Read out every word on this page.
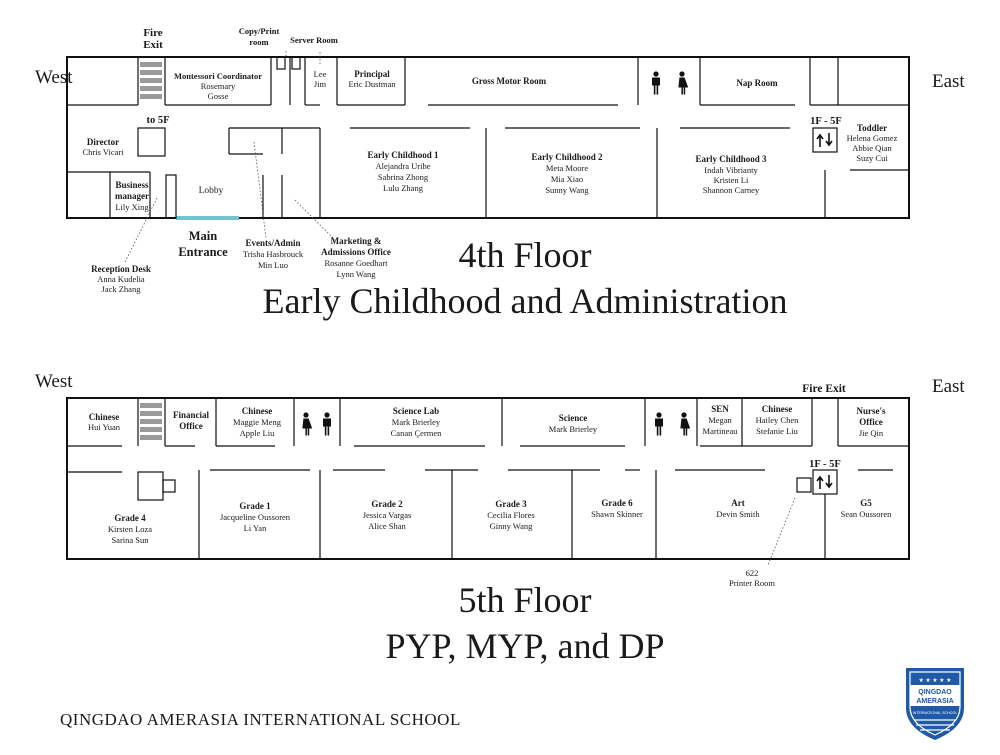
West	East
West	East
Fire
Exit
Copy/Print
room	Server Room
Montessori Coordinator
Rosemary
Gosse
Lee
Jim
Principal
Eric Dustman	Gross Motor Room	Nap Room
to 5F	1F - 5F
Toddler
Helena Gomez
Abbie Qian
Suzy Cui
Director
Chris Vicari
Business
manager
Lily Xing
Lobby
Early Childhood 1
Alejandra Uribe
Sabrina Zhong
Lulu Zhang
Early Childhood 2
Meta Moore
Mia Xiao
Sunny Wang
Early Childhood 3
Indah Vibrianty
Kristen Li
Shannon Carney
Reception Desk
Anna Kudelia
Jack Zhang
Main
Entrance
Events/Admin
Trisha Hasbrouck
Min Luo
Marketing &
Admissions Office
Rosanne Goedhart
Lynn Wang 4th Floor
Early Childhood and Administration
Fire Exit
Chinese
Hui Yuan
Financial
Office
Chinese
Maggie Meng
Apple Liu
Science Lab
Mark Brierley
Canan Çermen
Science
Mark Brierley
SEN
Megan
Martineau
Chinese
Hailey Chen
Stefanie Liu
Nurse's
Office
Jie Qin
1F - 5F
Grade 4
Kirsten Loza
Sarina Sun
Grade 1
Jacqueline Oussoren
Li Yan
Grade 2
Jessica Vargas
Alice Shan
Grade 3
Cecilia Flores
Ginny Wang
Grade 6
Shawn Skinner
Art
Devin Smith
G5
Sean Oussoren
622
Printer Room
5th Floor
PYP, MYP, and DP
QINGDAO AMERASIA INTERNATIONAL SCHOOL
★ ★ ★ ★ ★
QINGDAO
AMERASIA
INTERNATIONAL SCHOOL
